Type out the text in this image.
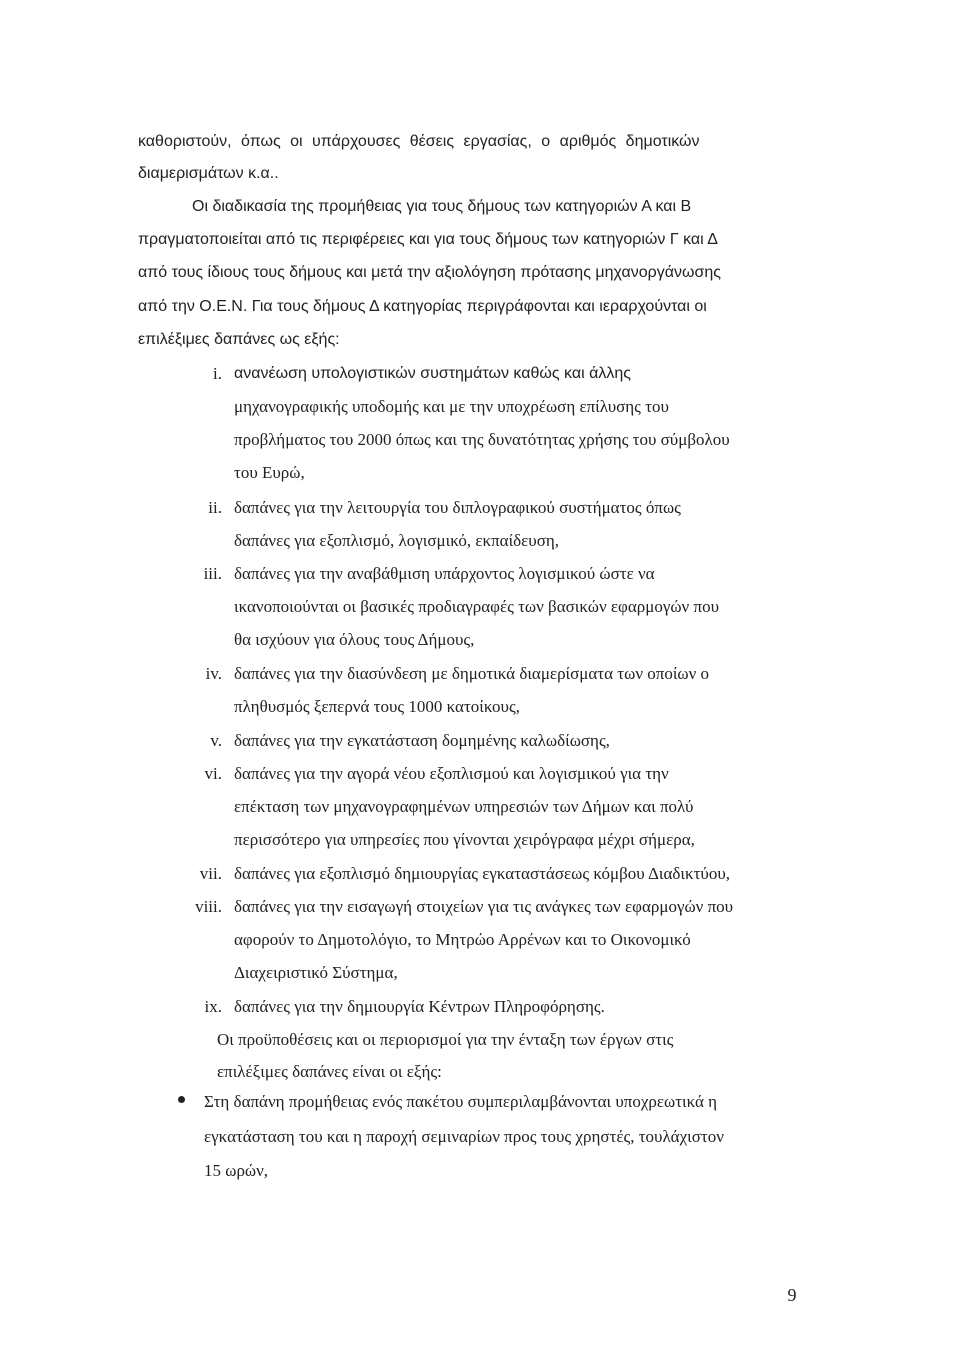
καθοριστούν, όπως οι υπάρχουσες θέσεις εργασίας, ο αριθμός δημοτικών
διαμερισμάτων κ.α..
Οι διαδικασία της προμήθειας για τους δήμους των κατηγοριών Α και Β
πραγματοποιείται από τις περιφέρειες και για τους δήμους των κατηγοριών Γ και Δ
από τους ίδιους τους δήμους και μετά την αξιολόγηση πρότασης μηχανοργάνωσης
από την Ο.Ε.Ν. Για τους δήμους Δ κατηγορίας περιγράφονται και ιεραρχούνται οι
επιλέξιμες δαπάνες ως εξής:
i. ανανέωση υπολογιστικών συστημάτων καθώς και άλλης
μηχανογραφικής υποδομής και με την υποχρέωση επίλυσης του
προβλήματος του 2000 όπως και της δυνατότητας χρήσης του σύμβολου
του Ευρώ,
ii. δαπάνες για την λειτουργία του διπλογραφικού συστήματος όπως
δαπάνες για εξοπλισμό, λογισμικό, εκπαίδευση,
iii. δαπάνες για την αναβάθμιση υπάρχοντος λογισμικού ώστε να
ικανοποιούνται οι βασικές προδιαγραφές των βασικών εφαρμογών που
θα ισχύουν για όλους τους Δήμους,
iv. δαπάνες για την διασύνδεση με δημοτικά διαμερίσματα των οποίων ο
πληθυσμός ξεπερνά τους 1000 κατοίκους,
v. δαπάνες για την εγκατάσταση δομημένης καλωδίωσης,
vi. δαπάνες για την αγορά νέου εξοπλισμού και λογισμικού για την
επέκταση των μηχανογραφημένων υπηρεσιών των Δήμων και πολύ
περισσότερο για υπηρεσίες που γίνονται χειρόγραφα μέχρι σήμερα,
vii. δαπάνες για εξοπλισμό δημιουργίας εγκαταστάσεως κόμβου Διαδικτύου,
viii. δαπάνες για την εισαγωγή στοιχείων για τις ανάγκες των εφαρμογών που
αφορούν το Δημοτολόγιο, το Μητρώο Αρρένων και το Οικονομικό
Διαχειριστικό Σύστημα,
ix. δαπάνες για την δημιουργία Κέντρων Πληροφόρησης.
Οι προϋποθέσεις και οι περιορισμοί για την ένταξη των έργων στις
επιλέξιμες δαπάνες είναι οι εξής:
Στη δαπάνη προμήθειας ενός πακέτου συμπεριλαμβάνονται υποχρεωτικά η
εγκατάσταση του και η παροχή σεμιναρίων προς τους χρηστές, τουλάχιστον
15 ωρών,
9
